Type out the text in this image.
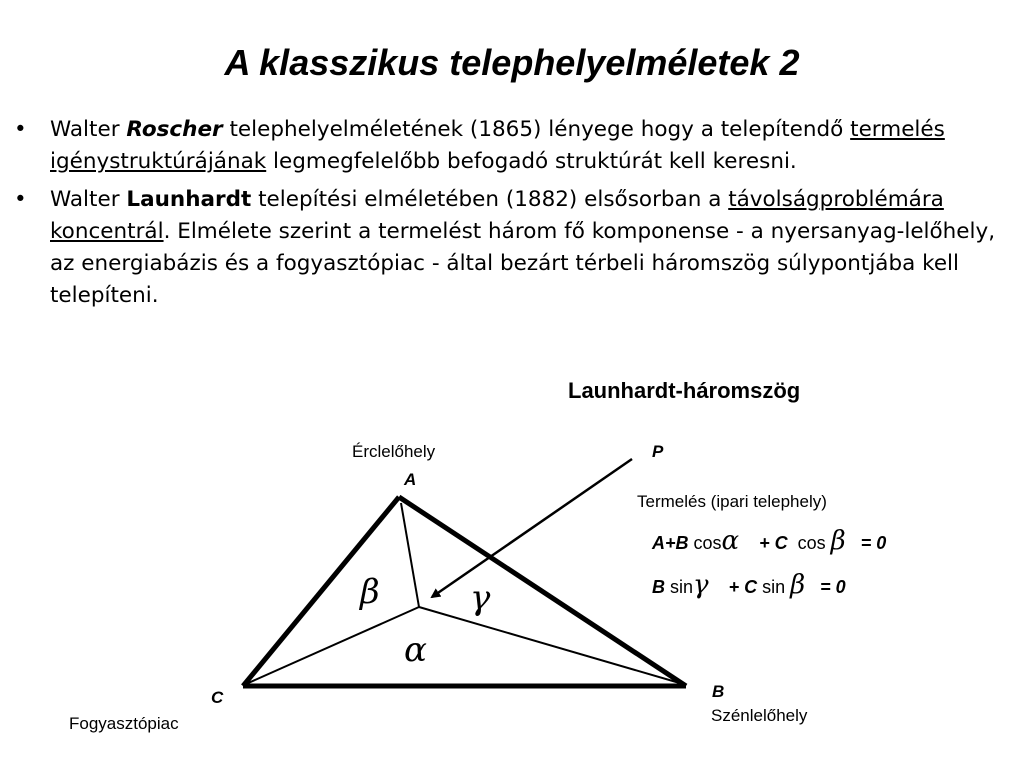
A klasszikus telephelyelméletek 2
• Walter Roscher telephelyelméletének (1865) lényege hogy a telepítendő termelés igénystruktúrájának legmegfelelőbb befogadó struktúrát kell keresni.
• Walter Launhardt telepítési elméletében (1882) elsősorban a távolságproblémára koncentrál. Elmélete szerint a termelést három fő komponense - a nyersanyag-lelőhely, az energiabázis és a fogyasztópiac - által bezárt térbeli háromszög súlypontjába kell telepíteni.
Launhardt-háromszög
Érclelőhely
A
P
Termelés (ipari telephely)
C
Fogyasztópiac
B
Szénlelőhely
β	γ
α
A+B cosα + C  cos β = 0
B sinγ + C sin β = 0
